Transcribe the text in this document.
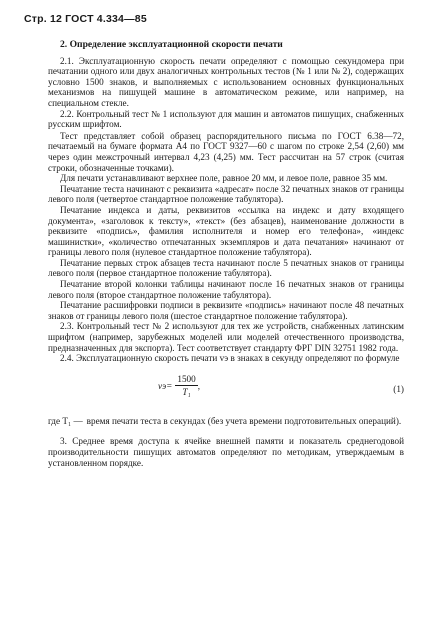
Стр. 12 ГОСТ 4.334—85
2. Определение эксплуатационной скорости печати

2.1. Эксплуатационную скорость печати определяют с помощью секундомера при печатании одного или двух аналогичных контрольных тестов (№ 1 или № 2), содержащих условно 1500 знаков, и выполняемых с использованием основных функциональных механизмов на пишущей машине в автоматическом режиме, или например, на специальном стекле.

2.2. Контрольный тест № 1 используют для машин и автоматов пишущих, снабженных русским шрифтом.

Тест представляет собой образец распорядительного письма по ГОСТ 6.38—72, печатаемый на бумаге формата А4 по ГОСТ 9327—60 с шагом по строке 2,54 (2,60) мм через один межстрочный интервал 4,23 (4,25) мм. Тест рассчитан на 57 строк (считая строки, обозначенные точками).

Для печати устанавливают верхнее поле, равное 20 мм, и левое поле, равное 35 мм.

Печатание теста начинают с реквизита «адресат» после 32 печатных знаков от границы левого поля (четвертое стандартное положение табулятора).

Печатание индекса и даты, реквизитов «ссылка на индекс и дату входящего документа», «заголовок к тексту», «текст» (без абзацев), наименование должности в реквизите «подпись», фамилия исполнителя и номер его телефона», «индекс машинистки», «количество отпечатанных экземпляров и дата печатания» начинают от границы левого поля (нулевое стандартное положение табулятора).

Печатание первых строк абзацев теста начинают после 5 печатных знаков от границы левого поля (первое стандартное положение табулятора).

Печатание второй колонки таблицы начинают после 16 печатных знаков от границы левого поля (второе стандартное положение табулятора).

Печатание расшифровки подписи в реквизите «подпись» начинают после 48 печатных знаков от границы левого поля (шестое стандартное положение табулятора).

2.3. Контрольный тест № 2 используют для тех же устройств, снабженных латинским шрифтом (например, зарубежных моделей или моделей отечественного производства, предназначенных для экспорта). Тест соответствует стандарту ФРГ DIN 32751 1982 года.

2.4. Эксплуатационную скорость печати vэ в знаках в секунду определяют по формуле

$vэ= \frac{1500}{\text{T₁}}$ ,	(1)
где T₁ — время печати теста в секундах (без учета времени подготовительных операций).

3. Среднее время доступа к ячейке внешней памяти и показатель среднегодовой производительности пишущих автоматов определяют по методикам, утверждаемым в установленном порядке.
